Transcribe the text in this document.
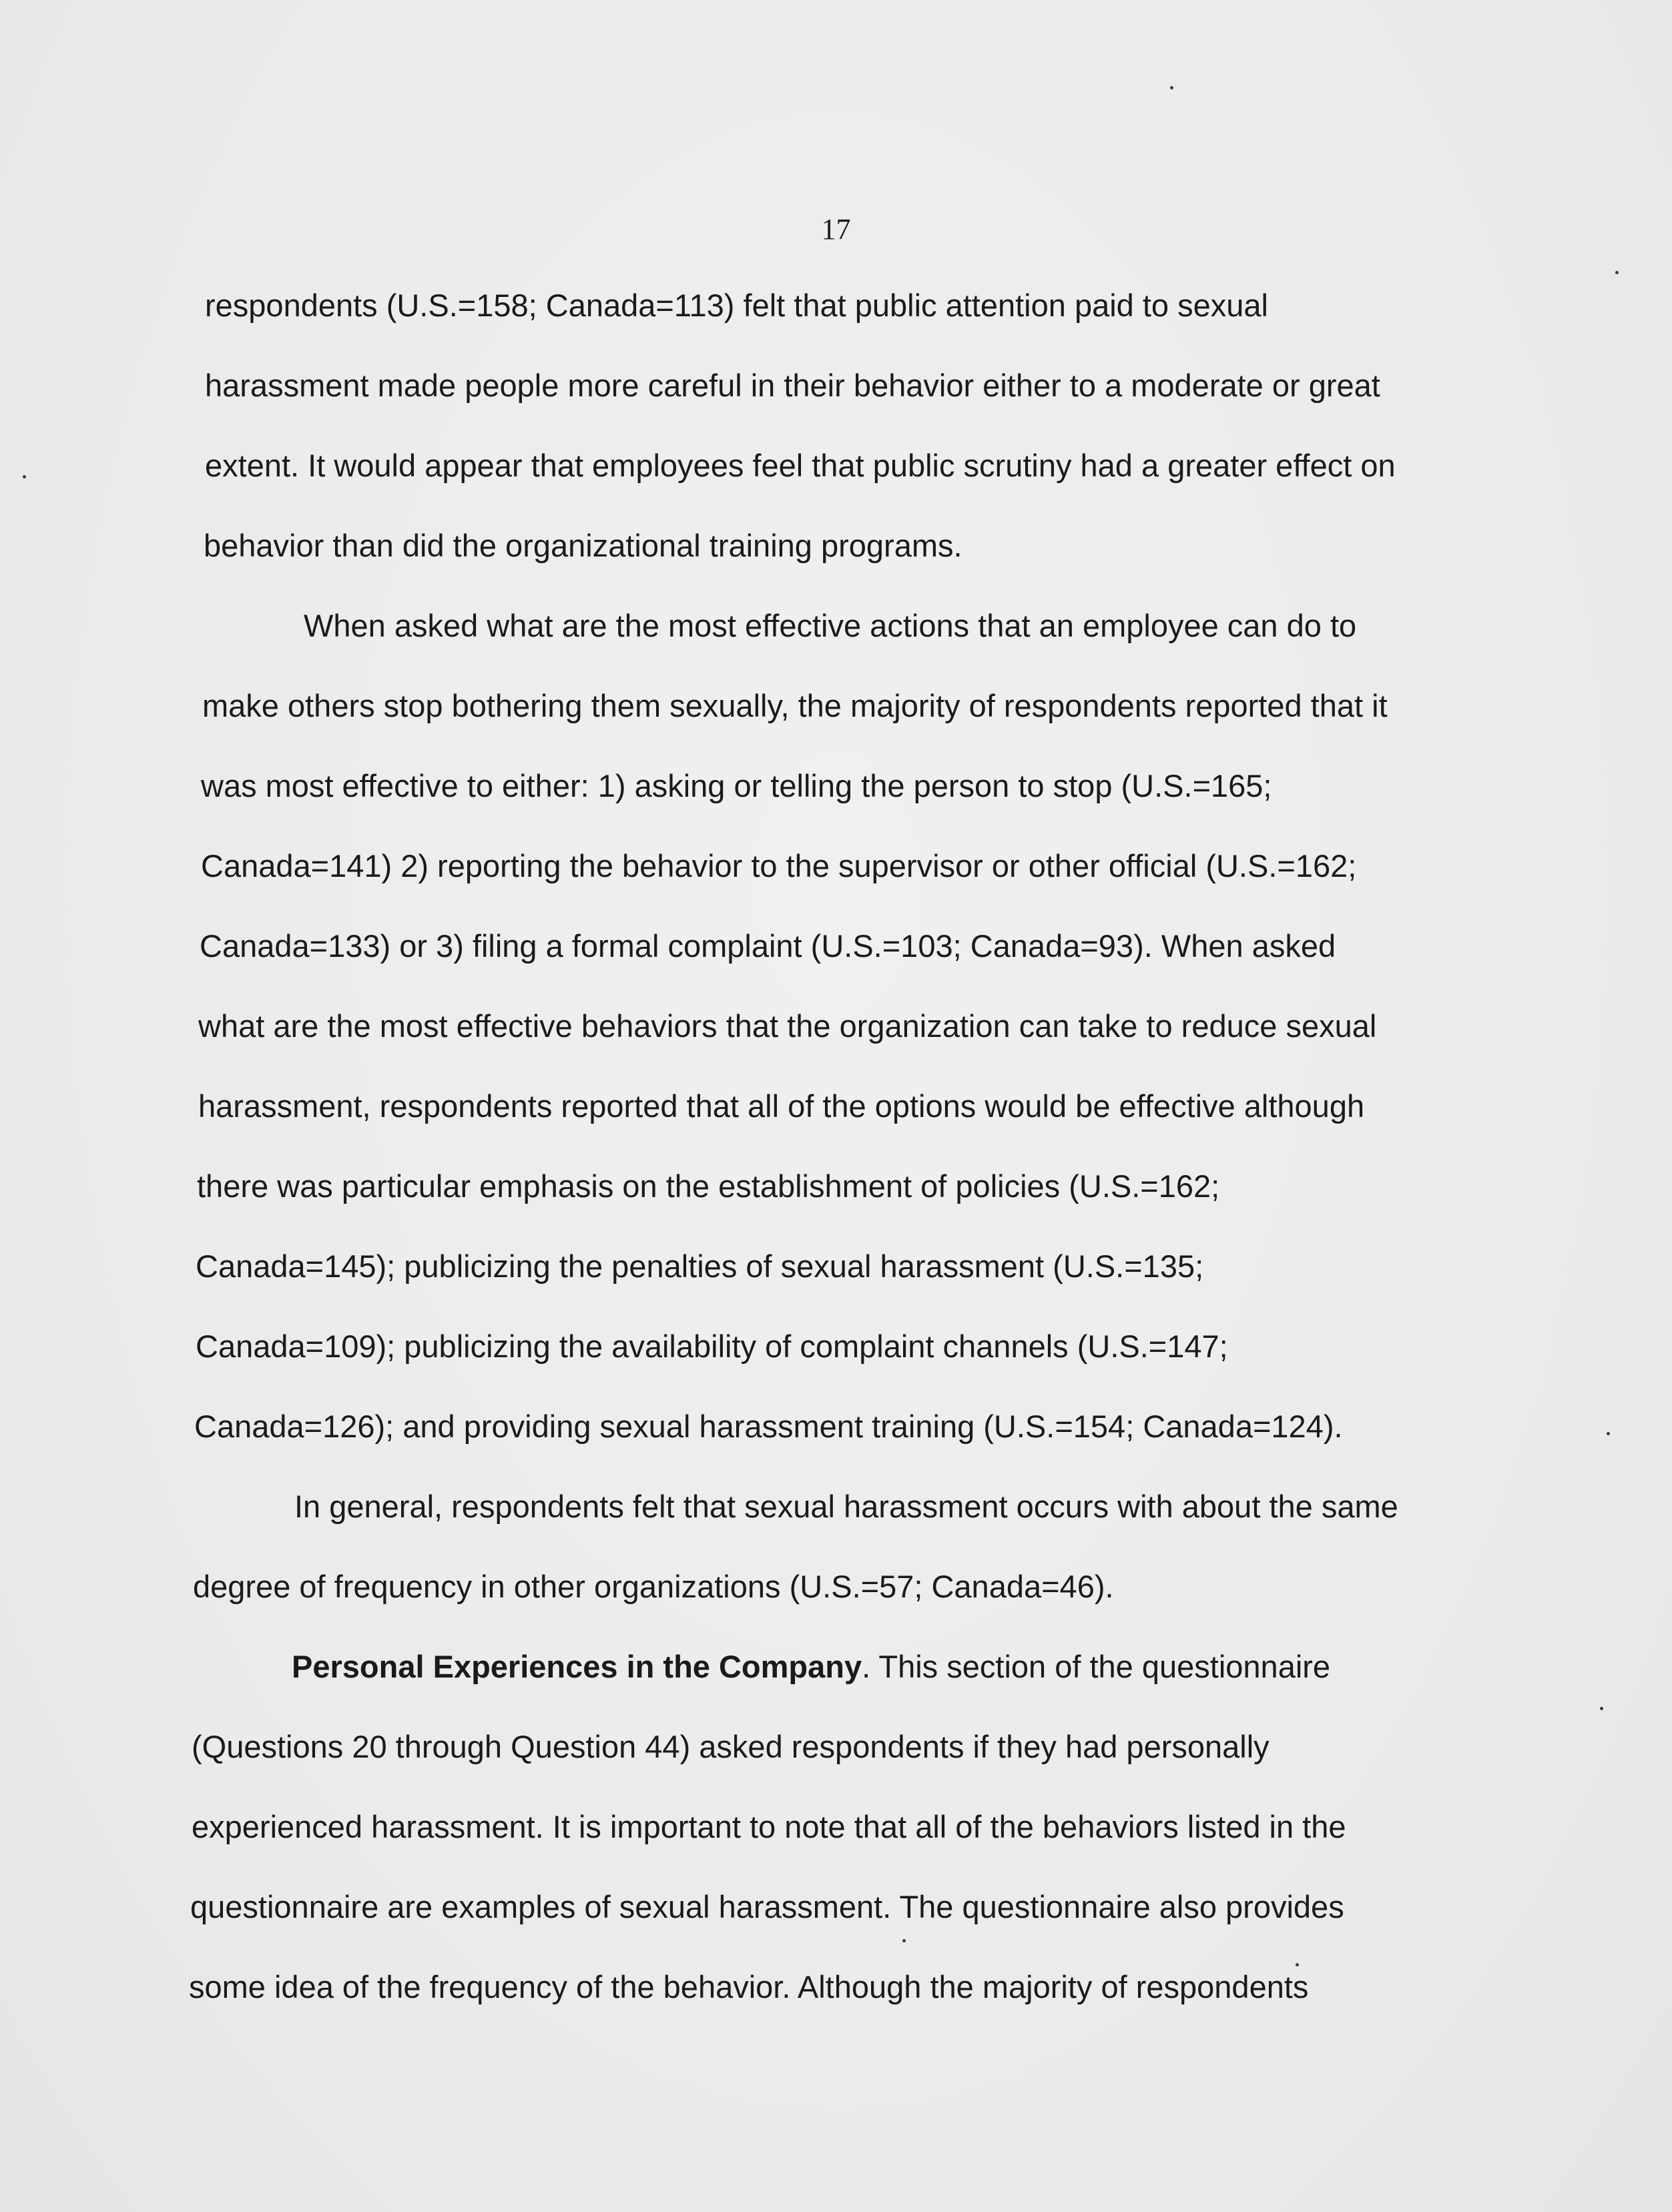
17
respondents (U.S.=158; Canada=113) felt that public attention paid to sexual
harassment made people more careful in their behavior either to a moderate or great
extent. It would appear that employees feel that public scrutiny had a greater effect on
behavior than did the organizational training programs.
When asked what are the most effective actions that an employee can do to
make others stop bothering them sexually, the majority of respondents reported that it
was most effective to either: 1) asking or telling the person to stop (U.S.=165;
Canada=141) 2) reporting the behavior to the supervisor or other official (U.S.=162;
Canada=133) or 3) filing a formal complaint (U.S.=103; Canada=93). When asked
what are the most effective behaviors that the organization can take to reduce sexual
harassment, respondents reported that all of the options would be effective although
there was particular emphasis on the establishment of policies (U.S.=162;
Canada=145); publicizing the penalties of sexual harassment (U.S.=135;
Canada=109); publicizing the availability of complaint channels (U.S.=147;
Canada=126); and providing sexual harassment training (U.S.=154; Canada=124).
In general, respondents felt that sexual harassment occurs with about the same
degree of frequency in other organizations (U.S.=57; Canada=46).
Personal Experiences in the Company. This section of the questionnaire
(Questions 20 through Question 44) asked respondents if they had personally
experienced harassment. It is important to note that all of the behaviors listed in the
questionnaire are examples of sexual harassment. The questionnaire also provides
some idea of the frequency of the behavior. Although the majority of respondents
